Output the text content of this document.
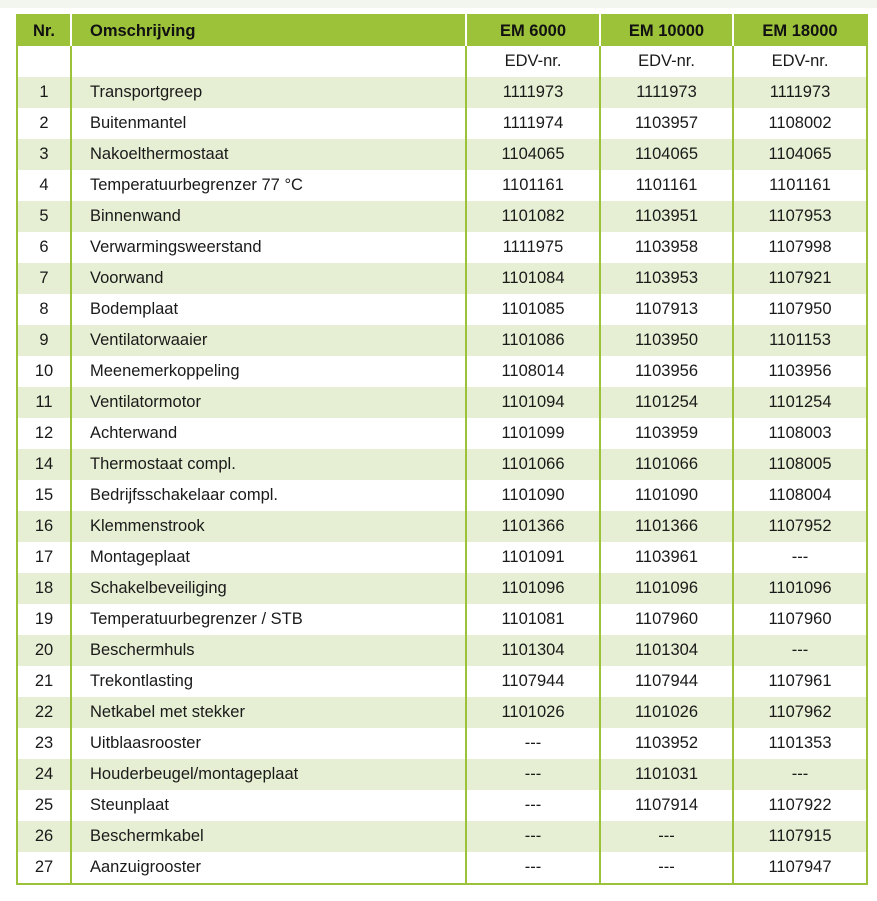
Nr.	Omschrijving	EM 6000	EM 10000	EM 18000
		EDV-nr.	EDV-nr.	EDV-nr.
1	Transportgreep	1111973	1111973	1111973
2	Buitenmantel	1111974	1103957	1108002
3	Nakoelthermostaat	1104065	1104065	1104065
4	Temperatuurbegrenzer 77 °C	1101161	1101161	1101161
5	Binnenwand	1101082	1103951	1107953
6	Verwarmingsweerstand	1111975	1103958	1107998
7	Voorwand	1101084	1103953	1107921
8	Bodemplaat	1101085	1107913	1107950
9	Ventilatorwaaier	1101086	1103950	1101153
10	Meenemerkoppeling	1108014	1103956	1103956
11	Ventilatormotor	1101094	1101254	1101254
12	Achterwand	1101099	1103959	1108003
14	Thermostaat compl.	1101066	1101066	1108005
15	Bedrijfsschakelaar compl.	1101090	1101090	1108004
16	Klemmenstrook	1101366	1101366	1107952
17	Montageplaat	1101091	1103961	---
18	Schakelbeveiliging	1101096	1101096	1101096
19	Temperatuurbegrenzer / STB	1101081	1107960	1107960
20	Beschermhuls	1101304	1101304	---
21	Trekontlasting	1107944	1107944	1107961
22	Netkabel met stekker	1101026	1101026	1107962
23	Uitblaasrooster	---	1103952	1101353
24	Houderbeugel/montageplaat	---	1101031	---
25	Steunplaat	---	1107914	1107922
26	Beschermkabel	---	---	1107915
27	Aanzuigrooster	---	---	1107947
